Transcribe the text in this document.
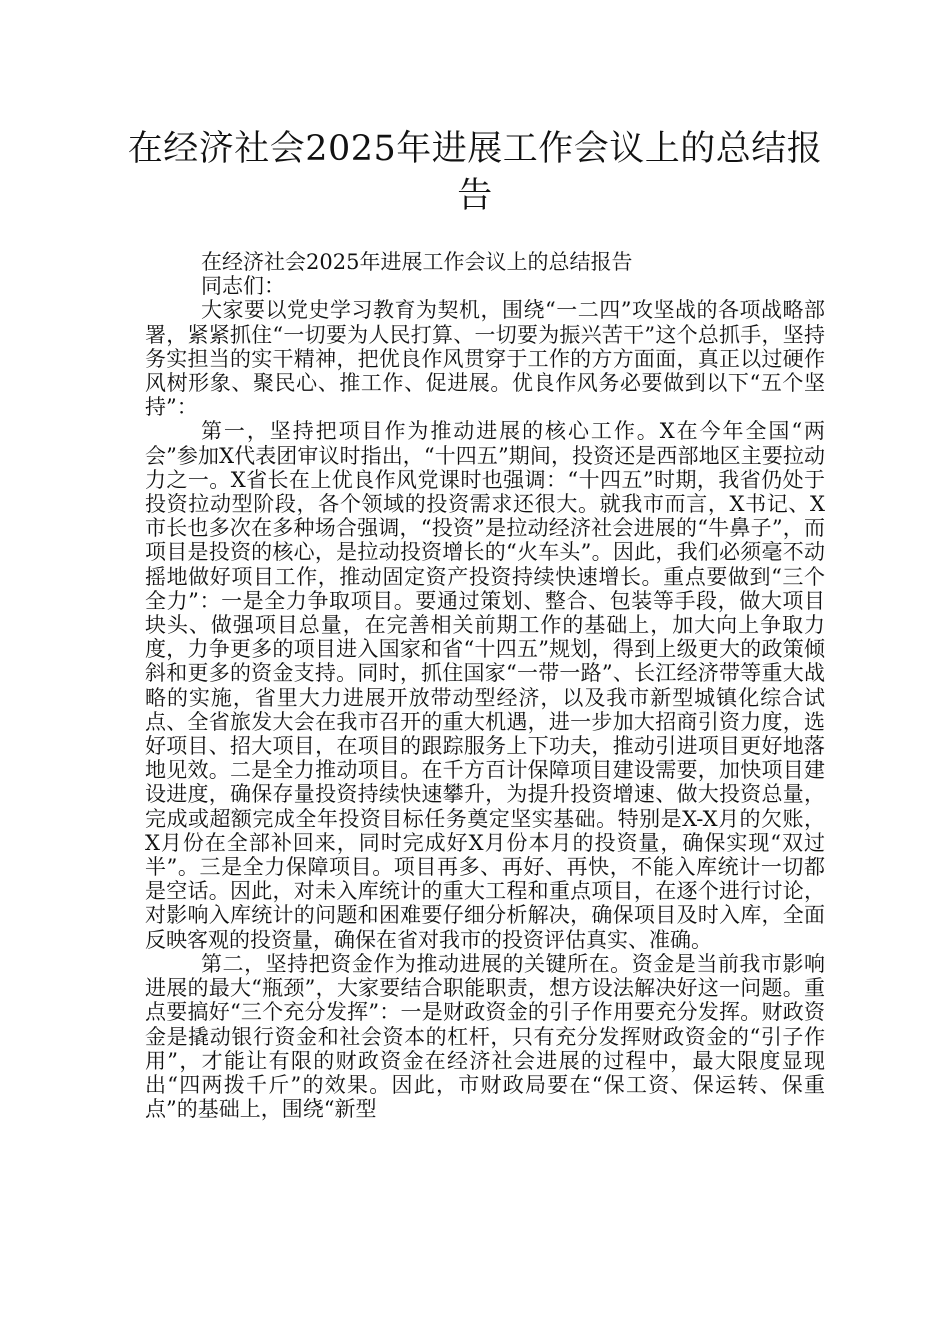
在经济社会2025年进展工作会议上的总结报告

在经济社会2025年进展工作会议上的总结报告

同志们：

大家要以党史学习教育为契机，围绕“一二四”攻坚战的各项战略部署，紧紧抓住“一切要为人民打算、一切要为振兴苦干”这个总抓手，坚持务实担当的实干精神，把优良作风贯穿于工作的方方面面，真正以过硬作风树形象、聚民心、推工作、促进展。优良作风务必要做到以下“五个坚持”：

第一，坚持把项目作为推动进展的核心工作。X在今年全国“两会”参加X代表团审议时指出，“十四五”期间，投资还是西部地区主要拉动力之一。X省长在上优良作风党课时也强调：“十四五”时期，我省仍处于投资拉动型阶段，各个领域的投资需求还很大。就我市而言，X书记、X市长也多次在多种场合强调，“投资”是拉动经济社会进展的“牛鼻子”，而项目是投资的核心，是拉动投资增长的“火车头”。因此，我们必须毫不动摇地做好项目工作，推动固定资产投资持续快速增长。重点要做到“三个全力”：一是全力争取项目。要通过策划、整合、包装等手段，做大项目块头、做强项目总量，在完善相关前期工作的基础上，加大向上争取力度，力争更多的项目进入国家和省“十四五”规划，得到上级更大的政策倾斜和更多的资金支持。同时，抓住国家“一带一路”、长江经济带等重大战略的实施，省里大力进展开放带动型经济，以及我市新型城镇化综合试点、全省旅发大会在我市召开的重大机遇，进一步加大招商引资力度，选好项目、招大项目，在项目的跟踪服务上下功夫，推动引进项目更好地落地见效。二是全力推动项目。在千方百计保障项目建设需要，加快项目建设进度，确保存量投资持续快速攀升，为提升投资增速、做大投资总量，完成或超额完成全年投资目标任务奠定坚实基础。特别是X-X月的欠账，X月份在全部补回来，同时完成好X月份本月的投资量，确保实现“双过半”。三是全力保障项目。项目再多、再好、再快，不能入库统计一切都是空话。因此，对未入库统计的重大工程和重点项目，在逐个进行讨论，对影响入库统计的问题和困难要仔细分析解决，确保项目及时入库，全面反映客观的投资量，确保在省对我市的投资评估真实、准确。

第二，坚持把资金作为推动进展的关键所在。资金是当前我市影响进展的最大“瓶颈”，大家要结合职能职责，想方设法解决好这一问题。重点要搞好“三个充分发挥”：一是财政资金的引子作用要充分发挥。财政资金是撬动银行资金和社会资本的杠杆，只有充分发挥财政资金的“引子作用”，才能让有限的财政资金在经济社会进展的过程中，最大限度显现出“四两拨千斤”的效果。因此，市财政局要在“保工资、保运转、保重点”的基础上，围绕“新型
